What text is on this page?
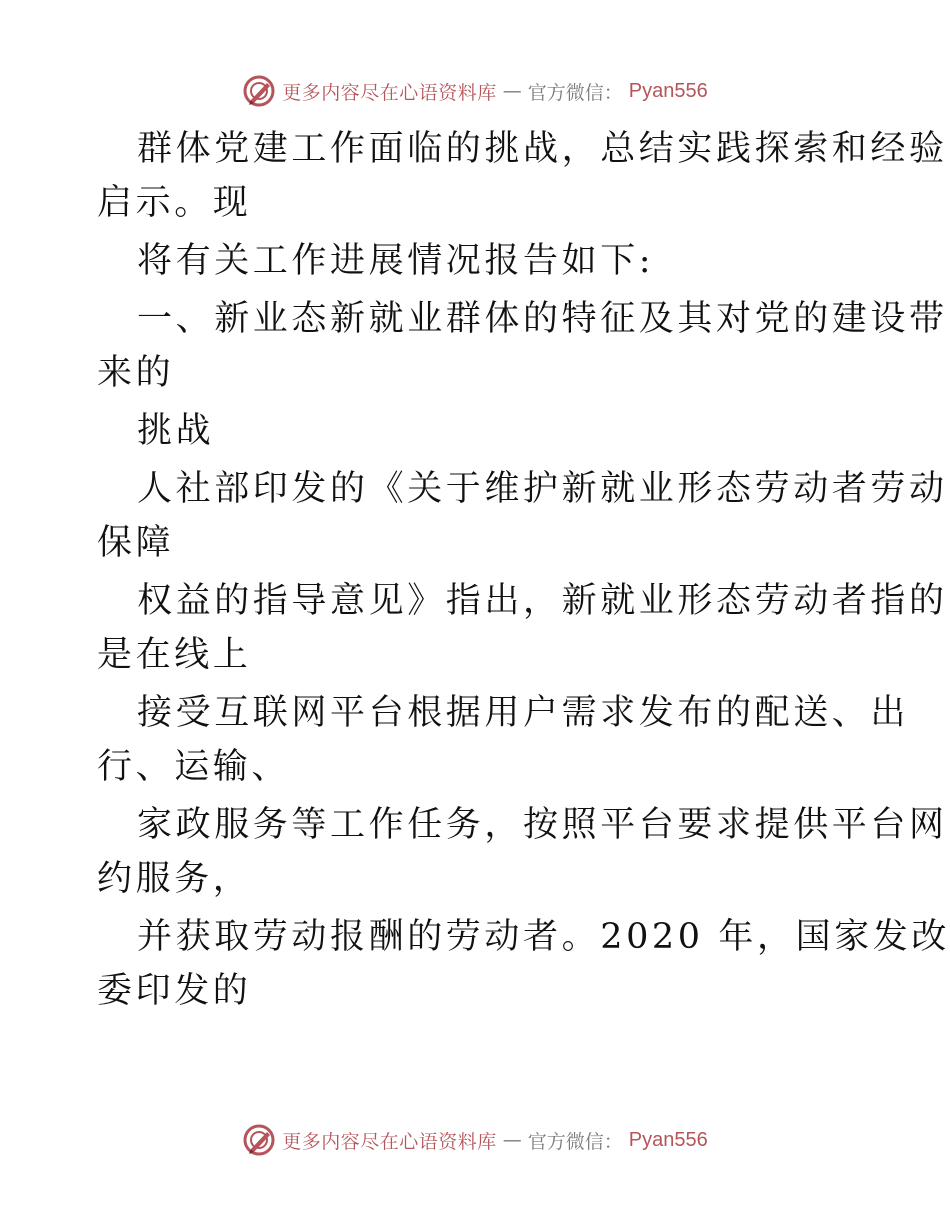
更多内容尽在心语资料库 — 官方微信： Pyan556
群体党建工作面临的挑战，总结实践探索和经验
启示。现
将有关工作进展情况报告如下:
一、新业态新就业群体的特征及其对党的建设带
来的
挑战
人社部印发的《关于维护新就业形态劳动者劳动
保障
权益的指导意见》指出，新就业形态劳动者指的
是在线上
接受互联网平台根据用户需求发布的配送、出
行、运输、
家政服务等工作任务，按照平台要求提供平台网
约服务，
并获取劳动报酬的劳动者。2020 年，国家发改
委印发的
更多内容尽在心语资料库 — 官方微信： Pyan556
